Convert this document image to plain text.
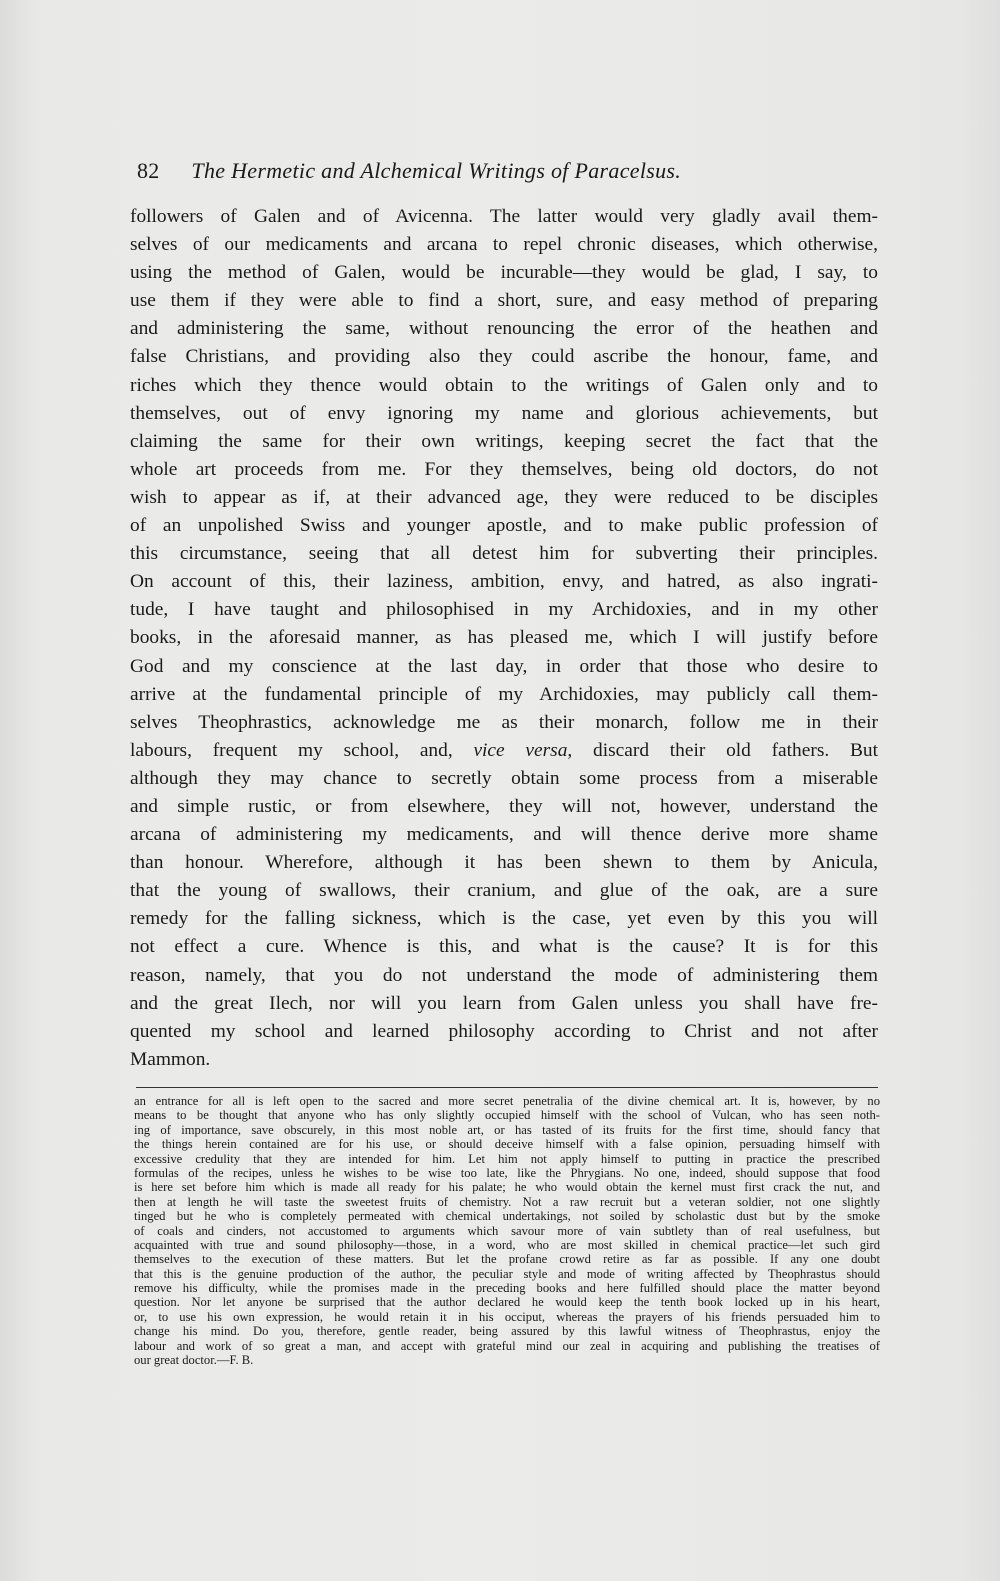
82 The Hermetic and Alchemical Writings of Paracelsus.
followers of Galen and of Avicenna. The latter would very gladly avail them-
selves of our medicaments and arcana to repel chronic diseases, which otherwise,
using the method of Galen, would be incurable—they would be glad, I say, to
use them if they were able to find a short, sure, and easy method of preparing
and administering the same, without renouncing the error of the heathen and
false Christians, and providing also they could ascribe the honour, fame, and
riches which they thence would obtain to the writings of Galen only and to
themselves, out of envy ignoring my name and glorious achievements, but
claiming the same for their own writings, keeping secret the fact that the
whole art proceeds from me. For they themselves, being old doctors, do not
wish to appear as if, at their advanced age, they were reduced to be disciples
of an unpolished Swiss and younger apostle, and to make public profession of
this circumstance, seeing that all detest him for subverting their principles.
On account of this, their laziness, ambition, envy, and hatred, as also ingrati-
tude, I have taught and philosophised in my Archidoxies, and in my other
books, in the aforesaid manner, as has pleased me, which I will justify before
God and my conscience at the last day, in order that those who desire to
arrive at the fundamental principle of my Archidoxies, may publicly call them-
selves Theophrastics, acknowledge me as their monarch, follow me in their
labours, frequent my school, and, vice versa, discard their old fathers. But
although they may chance to secretly obtain some process from a miserable
and simple rustic, or from elsewhere, they will not, however, understand the
arcana of administering my medicaments, and will thence derive more shame
than honour. Wherefore, although it has been shewn to them by Anicula,
that the young of swallows, their cranium, and glue of the oak, are a sure
remedy for the falling sickness, which is the case, yet even by this you will
not effect a cure. Whence is this, and what is the cause? It is for this
reason, namely, that you do not understand the mode of administering them
and the great Ilech, nor will you learn from Galen unless you shall have fre-
quented my school and learned philosophy according to Christ and not after
Mammon.
an entrance for all is left open to the sacred and more secret penetralia of the divine chemical art. It is, however, by no
means to be thought that anyone who has only slightly occupied himself with the school of Vulcan, who has seen noth-
ing of importance, save obscurely, in this most noble art, or has tasted of its fruits for the first time, should fancy that
the things herein contained are for his use, or should deceive himself with a false opinion, persuading himself with
excessive credulity that they are intended for him. Let him not apply himself to putting in practice the prescribed
formulas of the recipes, unless he wishes to be wise too late, like the Phrygians. No one, indeed, should suppose that food
is here set before him which is made all ready for his palate; he who would obtain the kernel must first crack the nut, and
then at length he will taste the sweetest fruits of chemistry. Not a raw recruit but a veteran soldier, not one slightly
tinged but he who is completely permeated with chemical undertakings, not soiled by scholastic dust but by the smoke
of coals and cinders, not accustomed to arguments which savour more of vain subtlety than of real usefulness, but
acquainted with true and sound philosophy—those, in a word, who are most skilled in chemical practice—let such gird
themselves to the execution of these matters. But let the profane crowd retire as far as possible. If any one doubt
that this is the genuine production of the author, the peculiar style and mode of writing affected by Theophrastus should
remove his difficulty, while the promises made in the preceding books and here fulfilled should place the matter beyond
question. Nor let anyone be surprised that the author declared he would keep the tenth book locked up in his heart,
or, to use his own expression, he would retain it in his occiput, whereas the prayers of his friends persuaded him to
change his mind. Do you, therefore, gentle reader, being assured by this lawful witness of Theophrastus, enjoy the
labour and work of so great a man, and accept with grateful mind our zeal in acquiring and publishing the treatises of
our great doctor.—F. B.
